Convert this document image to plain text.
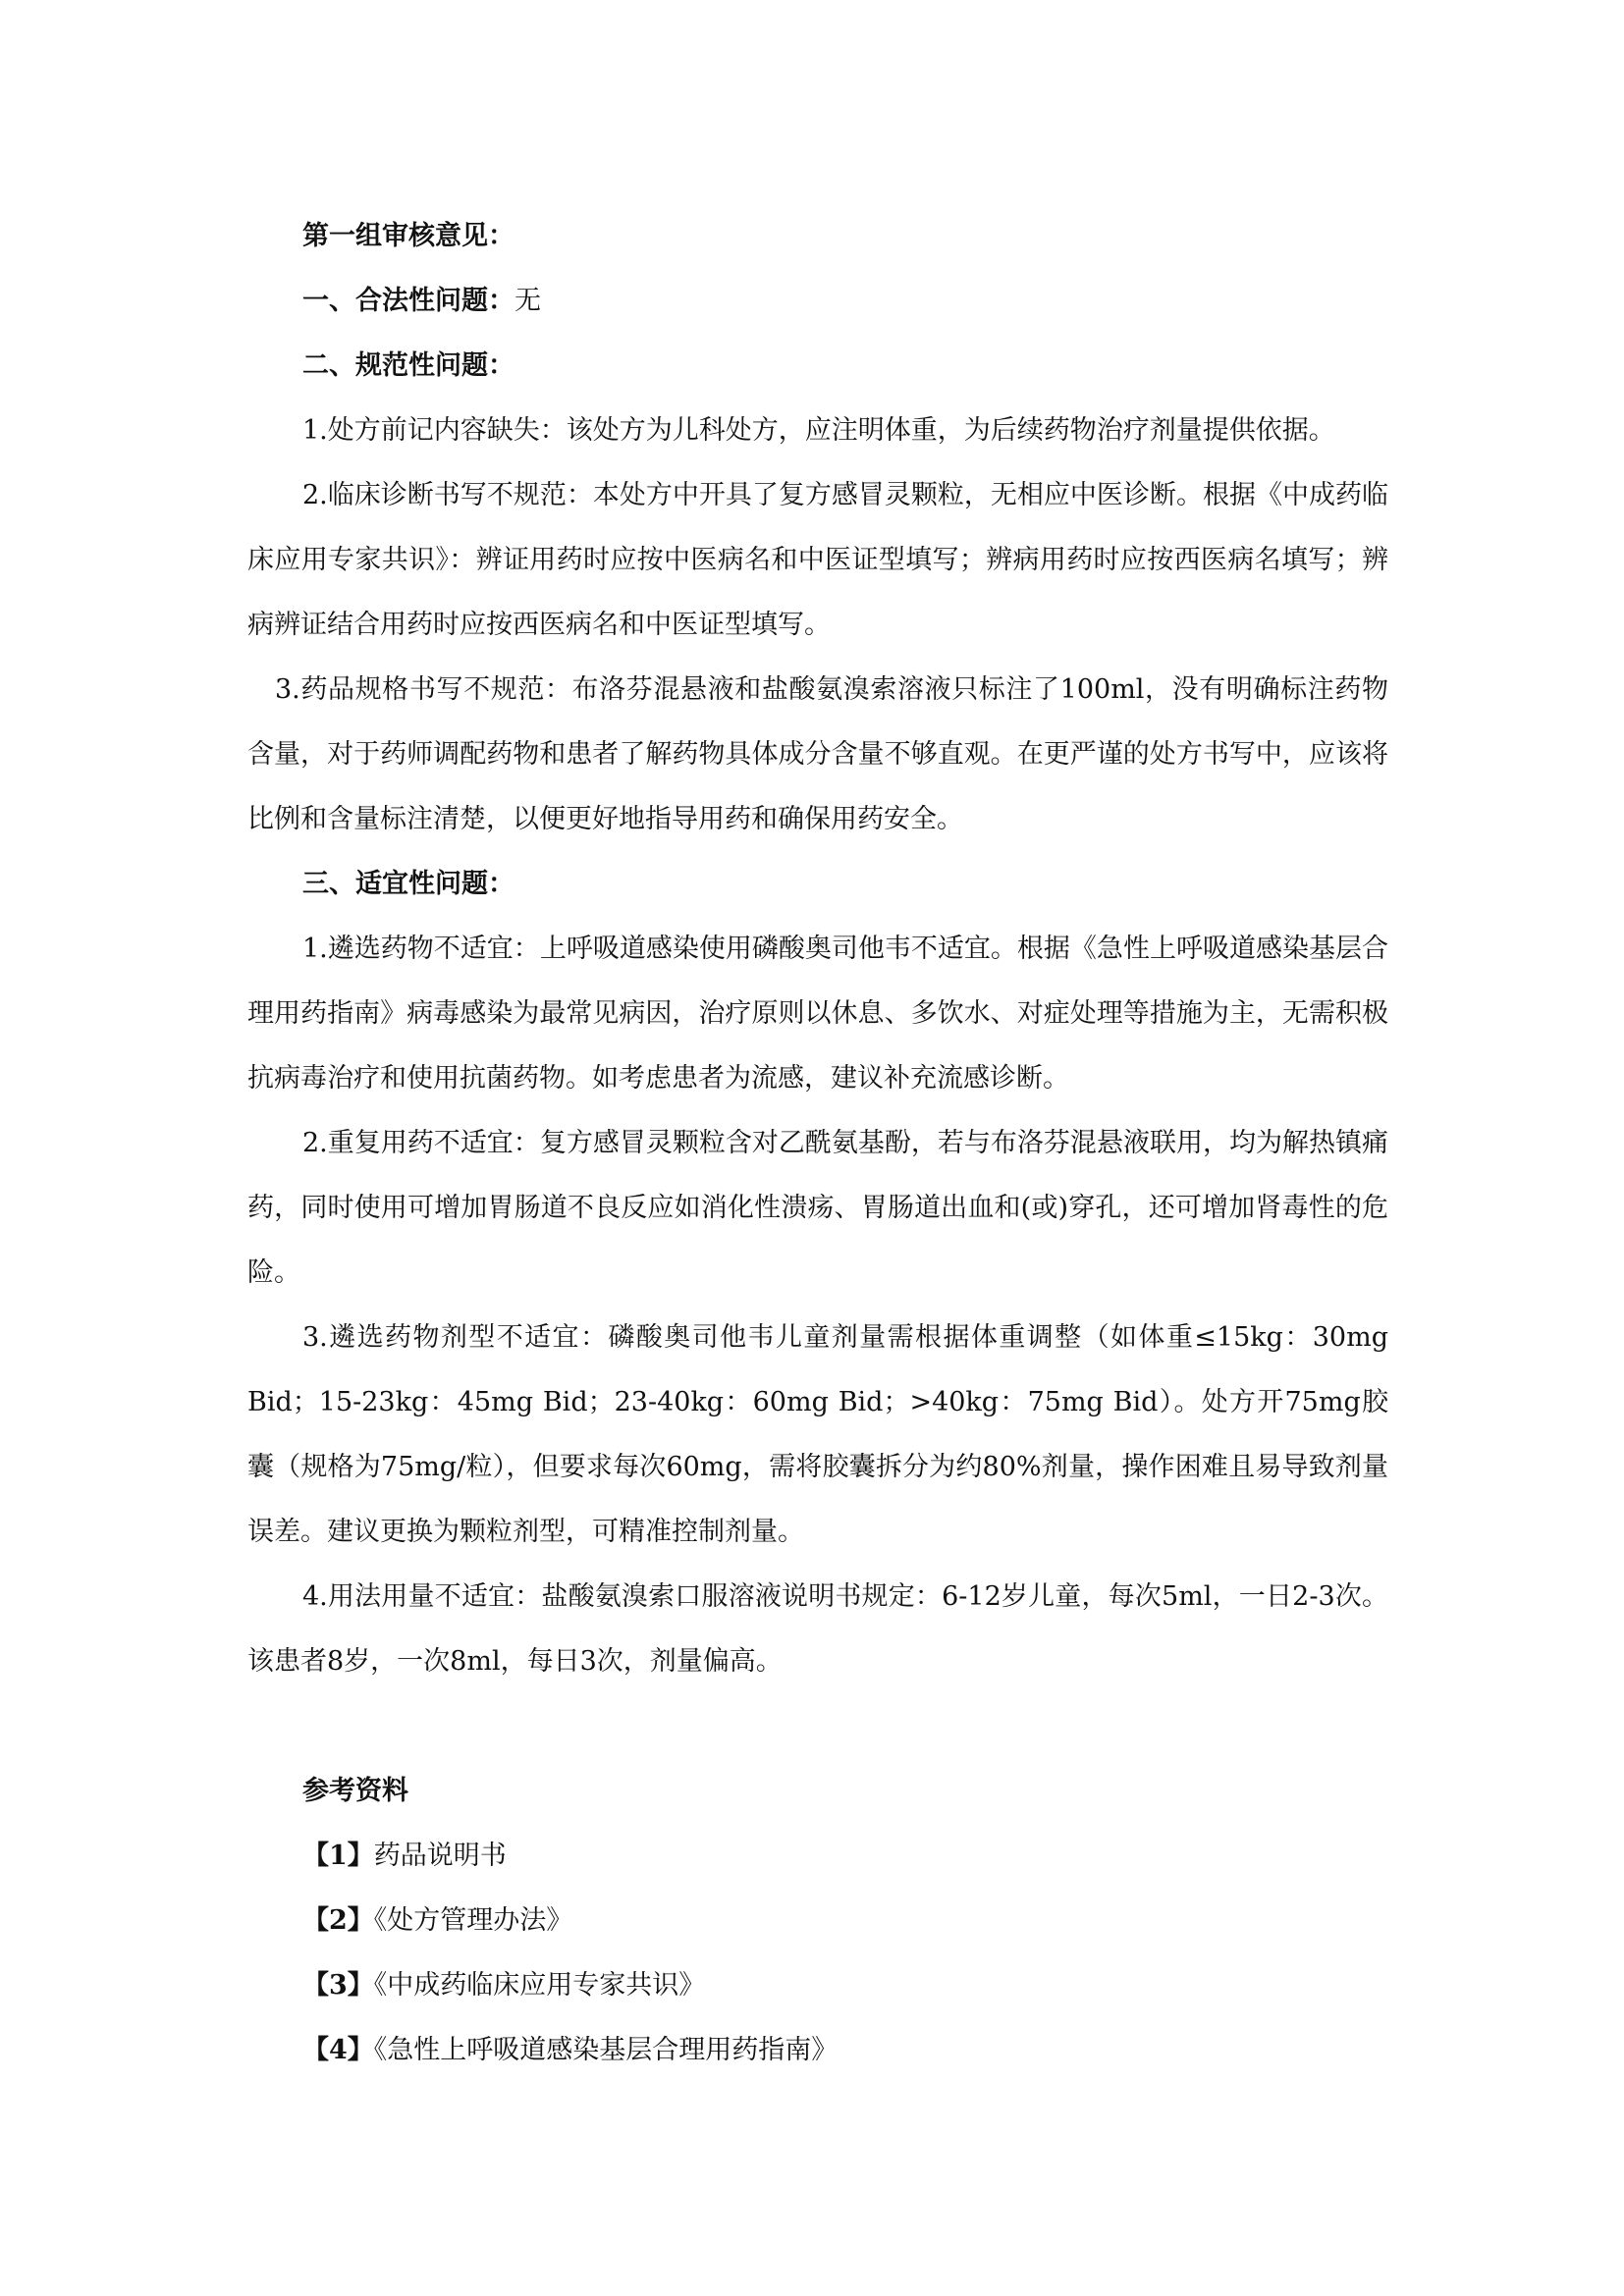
第一组审核意见：

一、合法性问题：无

二、规范性问题：

1.处方前记内容缺失：该处方为儿科处方，应注明体重，为后续药物治疗剂量提供依据。

2.临床诊断书写不规范：本处方中开具了复方感冒灵颗粒，无相应中医诊断。根据《中成药临床应用专家共识》：辨证用药时应按中医病名和中医证型填写；辨病用药时应按西医病名填写；辨病辨证结合用药时应按西医病名和中医证型填写。

3.药品规格书写不规范：布洛芬混悬液和盐酸氨溴索溶液只标注了100ml，没有明确标注药物含量，对于药师调配药物和患者了解药物具体成分含量不够直观。在更严谨的处方书写中，应该将比例和含量标注清楚，以便更好地指导用药和确保用药安全。

三、适宜性问题：

1.遴选药物不适宜：上呼吸道感染使用磷酸奥司他韦不适宜。根据《急性上呼吸道感染基层合理用药指南》病毒感染为最常见病因，治疗原则以休息、多饮水、对症处理等措施为主，无需积极抗病毒治疗和使用抗菌药物。如考虑患者为流感，建议补充流感诊断。

2.重复用药不适宜：复方感冒灵颗粒含对乙酰氨基酚，若与布洛芬混悬液联用，均为解热镇痛药，同时使用可增加胃肠道不良反应如消化性溃疡、胃肠道出血和(或)穿孔，还可增加肾毒性的危险。

3.遴选药物剂型不适宜：磷酸奥司他韦儿童剂量需根据体重调整（如体重≤15kg：30mg Bid；15-23kg：45mg Bid；23-40kg：60mg Bid；>40kg：75mg Bid）。处方开75mg胶囊（规格为75mg/粒），但要求每次60mg，需将胶囊拆分为约80%剂量，操作困难且易导致剂量误差。建议更换为颗粒剂型，可精准控制剂量。

4.用法用量不适宜：盐酸氨溴索口服溶液说明书规定：6-12岁儿童，每次5ml，一日2-3次。该患者8岁，一次8ml，每日3次，剂量偏高。

参考资料

【1】药品说明书

【2】《处方管理办法》

【3】《中成药临床应用专家共识》

【4】《急性上呼吸道感染基层合理用药指南》
